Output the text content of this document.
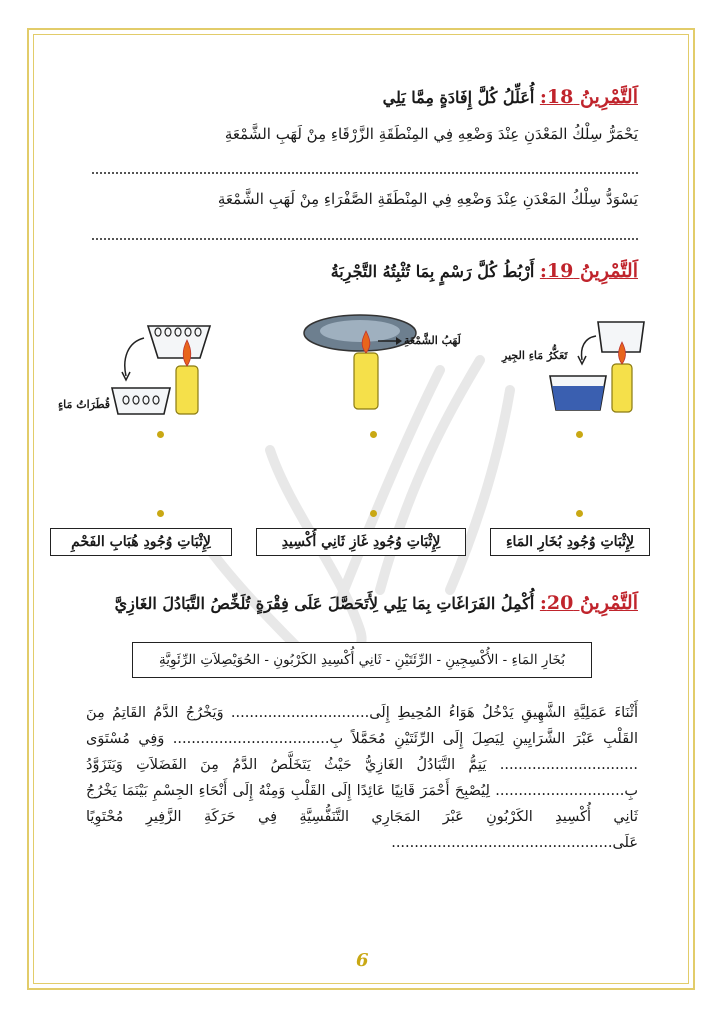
اَلتَّمْرِينُ 18: أُعَلِّلُ كُلَّ إِفَادَةٍ مِمَّا يَلِي
يَحْمَرُّ سِلْكُ المَعْدَنِ عِنْدَ وَضْعِهِ فِي المِنْطَقَةِ الزَّرْقَاءِ مِنْ لَهَبِ الشَّمْعَةِ
يَسْوَدُّ سِلْكُ المَعْدَنِ عِنْدَ وَضْعِهِ فِي المِنْطَقَةِ الصَّفْرَاءِ مِنْ لَهَبِ الشَّمْعَةِ
اَلتَّمْرِينُ 19: أَرْبُطُ كُلَّ رَسْمٍ بِمَا تُثْبِتُهُ التَّجْرِبَةُ
قُطَرَاتُ مَاءٍ
لَهَبُ الشَّمْعَةِ
تَعَكُّرُ مَاءِ الجِيرِ
لِإِثْبَاتِ وُجُودِ بُخَارِ المَاءِ
لِإِثْبَاتِ وُجُودِ غَازِ ثَانِي أُكْسِيدِ
لِإِثْبَاتِ وُجُودِ هُبَابِ الفَحْمِ
اَلتَّمْرِينُ 20: أُكْمِلُ الفَرَاغَاتِ بِمَا يَلِي لِأَتَحَصَّلَ عَلَى فِقْرَةٍ تُلَخِّصُ التَّبَادُلَ الغَازِيَّ
بُخَارِ المَاءِ - الأُكْسِجِينِ - الرِّئَتَيْنِ - ثَانِي أُكْسِيدِ الكَرْبُونِ - الحُوَيْصِلاَتِ الرِّئَوِيَّةِ
أَثْنَاءَ عَمَلِيَّةِ الشَّهِيقِ يَدْخُلُ هَوَاءُ المُحِيطِ إِلَى.............................. وَيَخْرُجُ الدَّمُ القَاتِمُ مِنَ القَلْبِ عَبْرَ الشَّرَايِينِ لِيَصِلَ إِلَى الرِّئَتَيْنِ مُحَمَّلاً بِ.................................. وَفِي مُسْتَوَى .............................. يَتِمُّ التَّبَادُلُ الغَازِيُّ حَيْثُ يَتَخَلَّصُ الدَّمُ مِنَ الفَضَلاَتِ وَيَتَزَوَّدُ بِ............................ لِيُصْبِحَ أَحْمَرَ قَانِيًا عَائِدًا إِلَى القَلْبِ وَمِنْهُ إِلَى أَنْحَاءِ الجِسْمِ بَيْنَمَا يَخْرُجُ ثَانِي أُكْسِيدِ الكَرْبُونِ عَبْرَ المَجَارِي التَّنَفُّسِيَّةِ فِي حَرَكَةِ الزَّفِيرِ مُحْتَوِيًا عَلَى................................................
6
